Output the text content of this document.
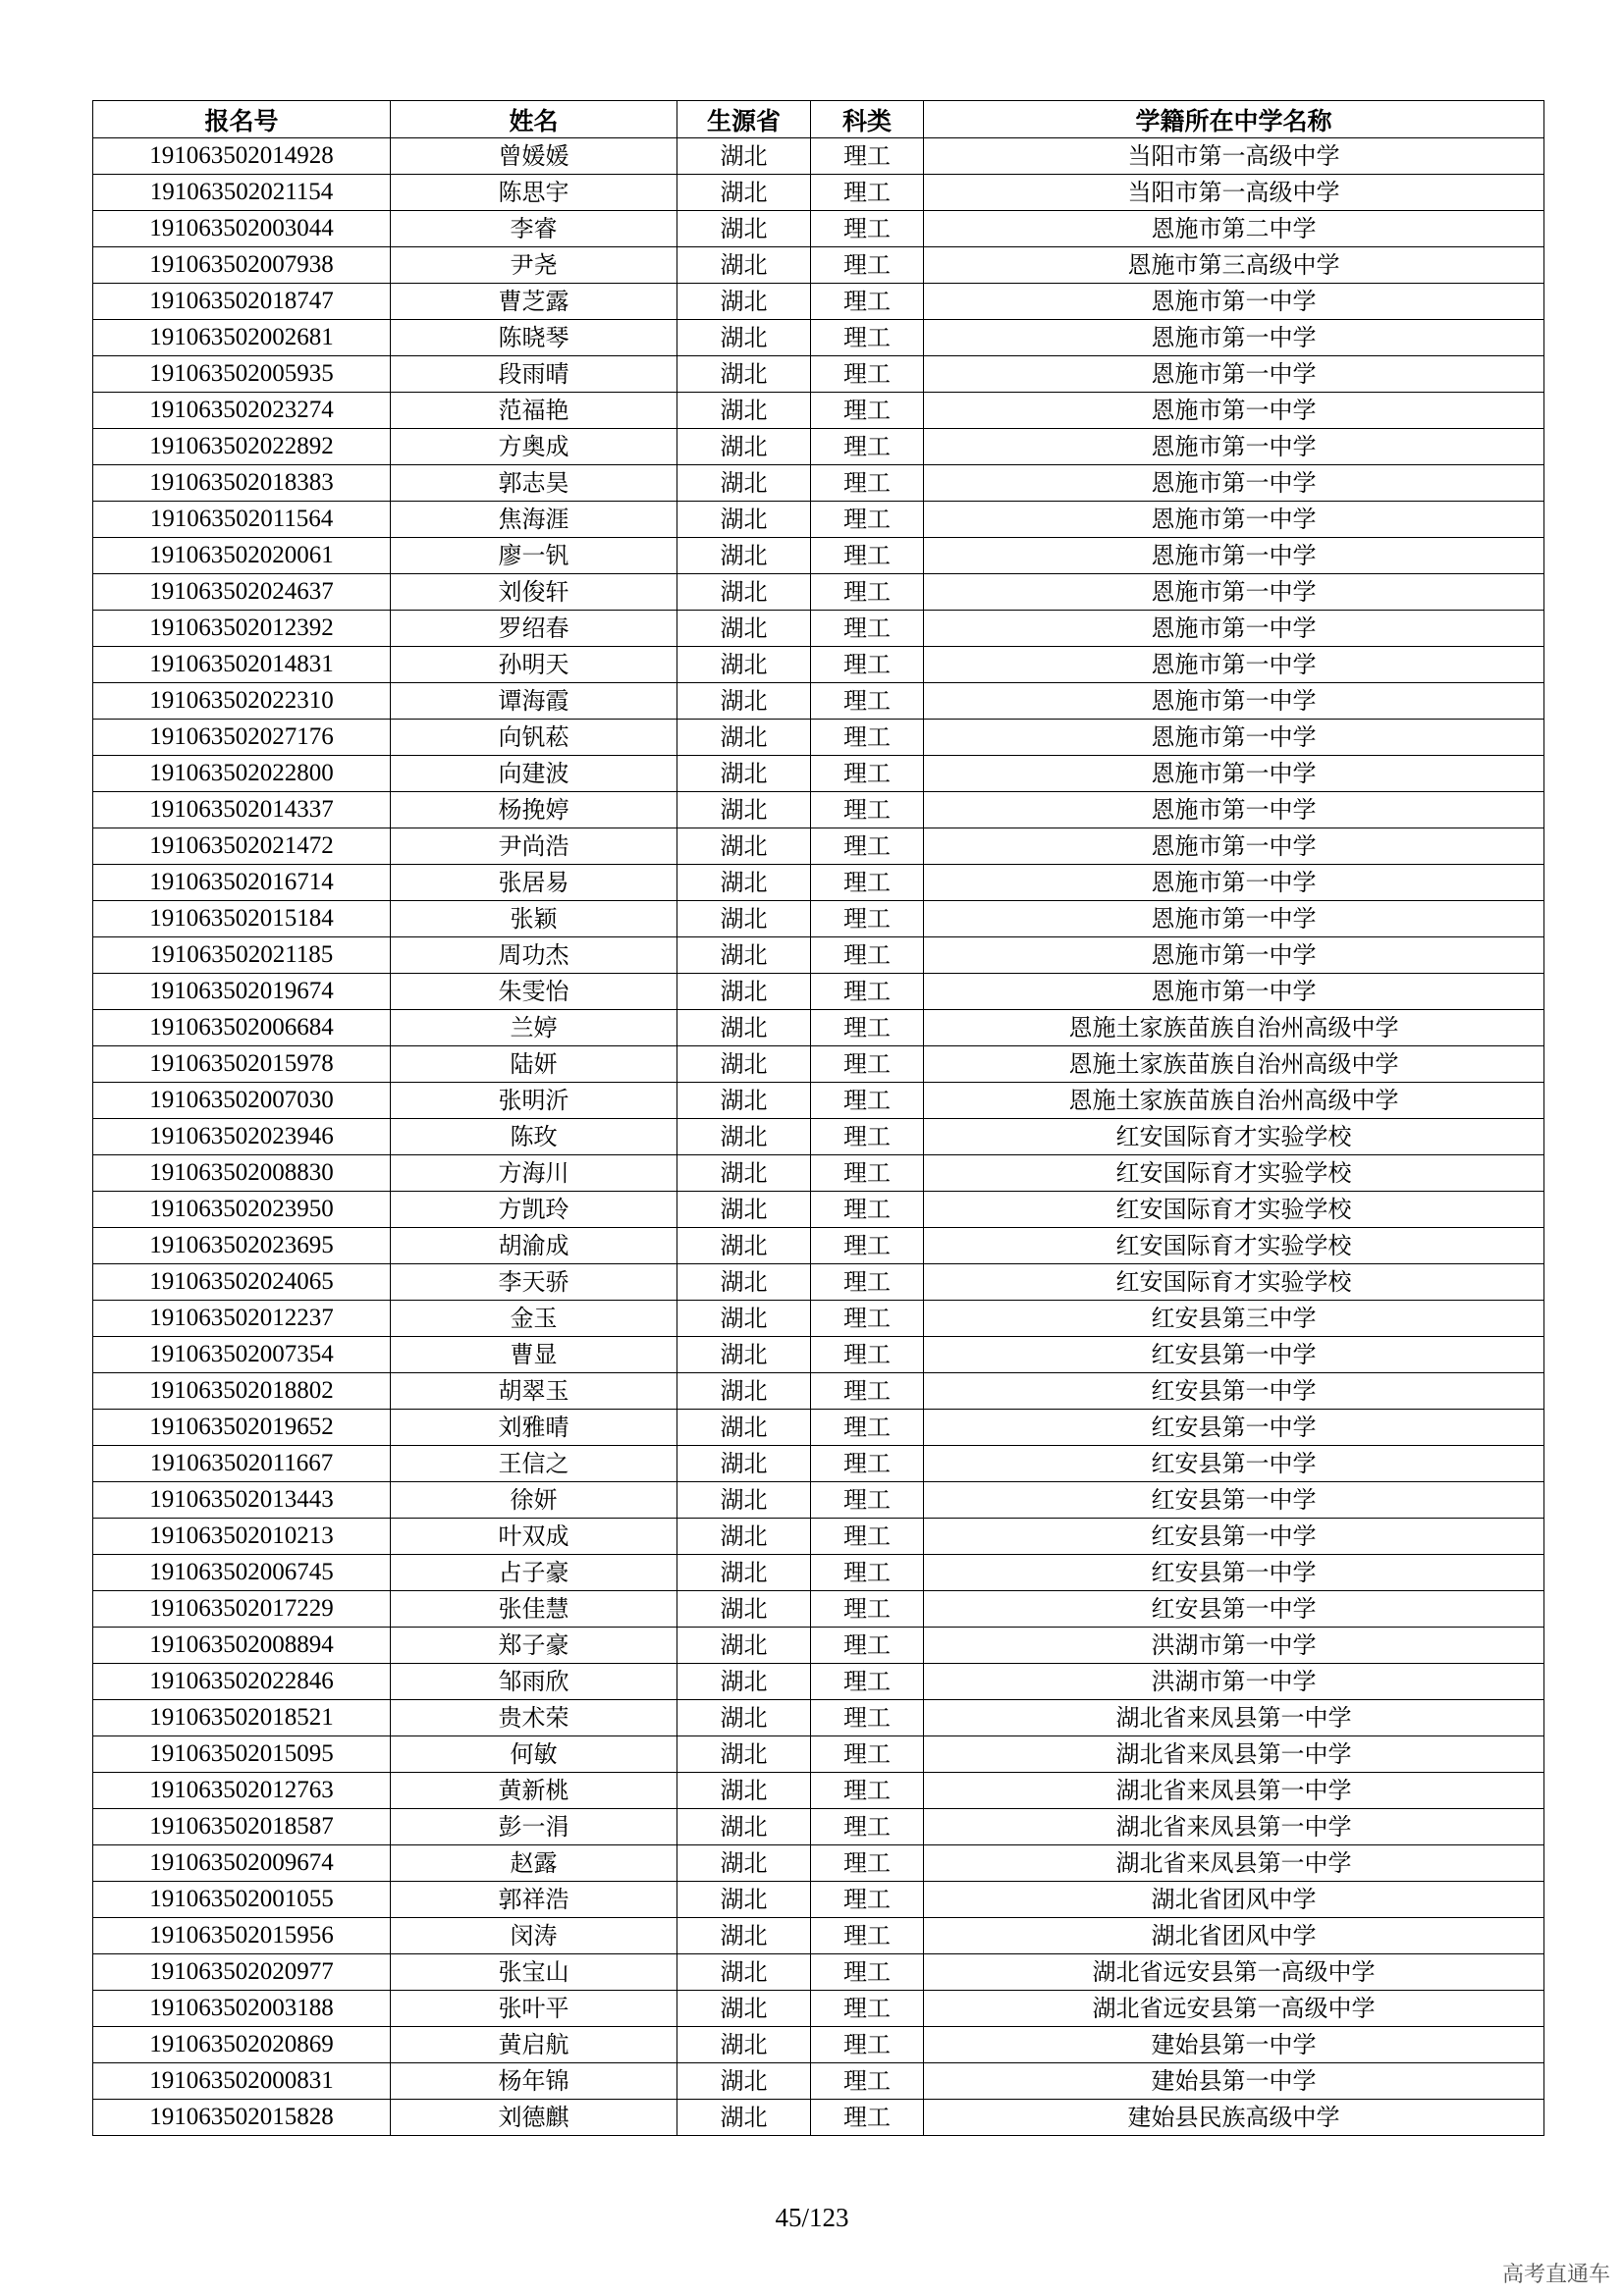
报名号	姓名	生源省	科类	学籍所在中学名称
191063502014928	曾媛媛	湖北	理工	当阳市第一高级中学
191063502021154	陈思宇	湖北	理工	当阳市第一高级中学
191063502003044	李睿	湖北	理工	恩施市第二中学
191063502007938	尹尧	湖北	理工	恩施市第三高级中学
191063502018747	曹芝露	湖北	理工	恩施市第一中学
191063502002681	陈晓琴	湖北	理工	恩施市第一中学
191063502005935	段雨晴	湖北	理工	恩施市第一中学
191063502023274	范福艳	湖北	理工	恩施市第一中学
191063502022892	方奥成	湖北	理工	恩施市第一中学
191063502018383	郭志昊	湖北	理工	恩施市第一中学
191063502011564	焦海涯	湖北	理工	恩施市第一中学
191063502020061	廖一钒	湖北	理工	恩施市第一中学
191063502024637	刘俊轩	湖北	理工	恩施市第一中学
191063502012392	罗绍春	湖北	理工	恩施市第一中学
191063502014831	孙明天	湖北	理工	恩施市第一中学
191063502022310	谭海霞	湖北	理工	恩施市第一中学
191063502027176	向钒菘	湖北	理工	恩施市第一中学
191063502022800	向建波	湖北	理工	恩施市第一中学
191063502014337	杨挽婷	湖北	理工	恩施市第一中学
191063502021472	尹尚浩	湖北	理工	恩施市第一中学
191063502016714	张居易	湖北	理工	恩施市第一中学
191063502015184	张颖	湖北	理工	恩施市第一中学
191063502021185	周功杰	湖北	理工	恩施市第一中学
191063502019674	朱雯怡	湖北	理工	恩施市第一中学
191063502006684	兰婷	湖北	理工	恩施土家族苗族自治州高级中学
191063502015978	陆妍	湖北	理工	恩施土家族苗族自治州高级中学
191063502007030	张明沂	湖北	理工	恩施土家族苗族自治州高级中学
191063502023946	陈玫	湖北	理工	红安国际育才实验学校
191063502008830	方海川	湖北	理工	红安国际育才实验学校
191063502023950	方凯玲	湖北	理工	红安国际育才实验学校
191063502023695	胡渝成	湖北	理工	红安国际育才实验学校
191063502024065	李天骄	湖北	理工	红安国际育才实验学校
191063502012237	金玉	湖北	理工	红安县第三中学
191063502007354	曹显	湖北	理工	红安县第一中学
191063502018802	胡翠玉	湖北	理工	红安县第一中学
191063502019652	刘雅晴	湖北	理工	红安县第一中学
191063502011667	王信之	湖北	理工	红安县第一中学
191063502013443	徐妍	湖北	理工	红安县第一中学
191063502010213	叶双成	湖北	理工	红安县第一中学
191063502006745	占子豪	湖北	理工	红安县第一中学
191063502017229	张佳慧	湖北	理工	红安县第一中学
191063502008894	郑子豪	湖北	理工	洪湖市第一中学
191063502022846	邹雨欣	湖北	理工	洪湖市第一中学
191063502018521	贵术荣	湖北	理工	湖北省来凤县第一中学
191063502015095	何敏	湖北	理工	湖北省来凤县第一中学
191063502012763	黄新桃	湖北	理工	湖北省来凤县第一中学
191063502018587	彭一涓	湖北	理工	湖北省来凤县第一中学
191063502009674	赵露	湖北	理工	湖北省来凤县第一中学
191063502001055	郭祥浩	湖北	理工	湖北省团风中学
191063502015956	闵涛	湖北	理工	湖北省团风中学
191063502020977	张宝山	湖北	理工	湖北省远安县第一高级中学
191063502003188	张叶平	湖北	理工	湖北省远安县第一高级中学
191063502020869	黄启航	湖北	理工	建始县第一中学
191063502000831	杨年锦	湖北	理工	建始县第一中学
191063502015828	刘德麒	湖北	理工	建始县民族高级中学
45/123
高考直通车
